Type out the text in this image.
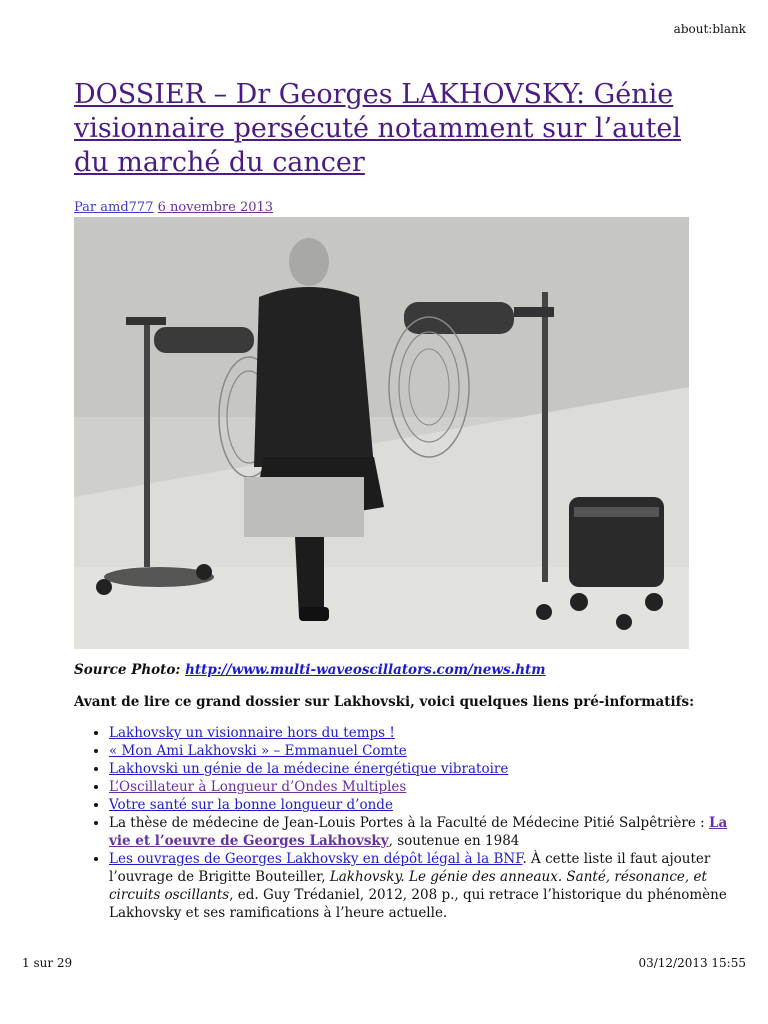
about:blank
DOSSIER – Dr Georges LAKHOVSKY: Génie visionnaire persécuté notamment sur l’autel du marché du cancer
Par amd777 6 novembre 2013
Source Photo: http://www.multi-waveoscillators.com/news.htm
Avant de lire ce grand dossier sur Lakhovski, voici quelques liens pré-informatifs:
• Lakhovsky un visionnaire hors du temps !
• « Mon Ami Lakhovski » – Emmanuel Comte
• Lakhovski un génie de la médecine énergétique vibratoire
• L’Oscillateur à Longueur d’Ondes Multiples
• Votre santé sur la bonne longueur d’onde
• La thèse de médecine de Jean-Louis Portes à la Faculté de Médecine Pitié Salpêtrière : La vie et l’oeuvre de Georges Lakhovsky, soutenue en 1984
• Les ouvrages de Georges Lakhovsky en dépôt légal à la BNF. À cette liste il faut ajouter l’ouvrage de Brigitte Bouteiller, Lakhovsky. Le génie des anneaux. Santé, résonance, et circuits oscillants, ed. Guy Trédaniel, 2012, 208 p., qui retrace l’historique du phénomène Lakhovsky et ses ramifications à l’heure actuelle.
1 sur 29	03/12/2013 15:55
